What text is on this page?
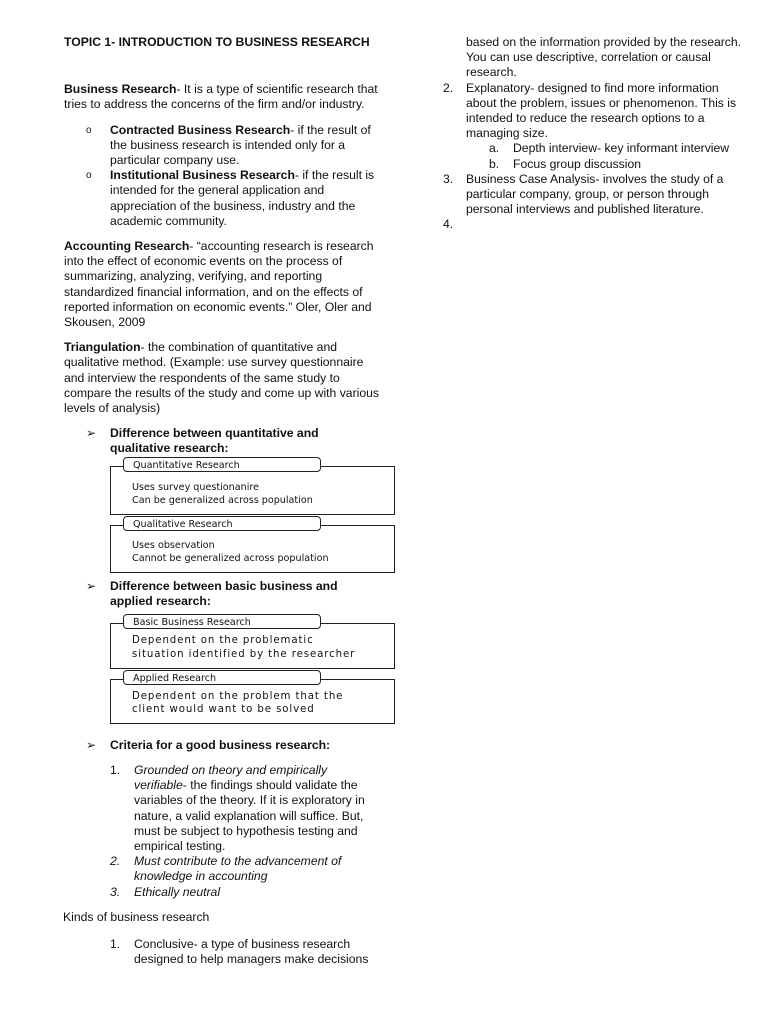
TOPIC 1- INTRODUCTION TO BUSINESS RESEARCH

Business Research- It is a type of scientific research that tries to address the concerns of the firm and/or industry.

o Contracted Business Research- if the result of the business research is intended only for a particular company use.
o Institutional Business Research- if the result is intended for the general application and appreciation of the business, industry and the academic community.

Accounting Research- “accounting research is research into the effect of economic events on the process of summarizing, analyzing, verifying, and reporting standardized financial information, and on the effects of reported information on economic events.” Oler, Oler and Skousen, 2009

Triangulation- the combination of quantitative and qualitative method. (Example: use survey questionnaire and interview the respondents of the same study to compare the results of the study and come up with various levels of analysis)

➢ Difference between quantitative and qualitative research:

Quantitative Research
Uses survey questionanire
Can be generalized across population
Qualitative Research
Uses observation
Cannot be generalized across population

➢ Difference between basic business and applied research:

Basic Business Research
Dependent on the problematic
situation identified by the researcher
Applied Research
Dependent on the problem that the
client would want to be solved

➢ Criteria for a good business research:

1. Grounded on theory and empirically verifiable- the findings should validate the variables of the theory. If it is exploratory in nature, a valid explanation will suffice. But, must be subject to hypothesis testing and empirical testing.
2. Must contribute to the advancement of knowledge in accounting
3. Ethically neutral

Kinds of business research

1. Conclusive- a type of business research designed to help managers make decisions

based on the information provided by the research. You can use descriptive, correlation or causal research.

2. Explanatory- designed to find more information about the problem, issues or phenomenon. This is intended to reduce the research options to a managing size.
a. Depth interview- key informant interview
b. Focus group discussion
3. Business Case Analysis- involves the study of a particular company, group, or person through personal interviews and published literature.
4.
